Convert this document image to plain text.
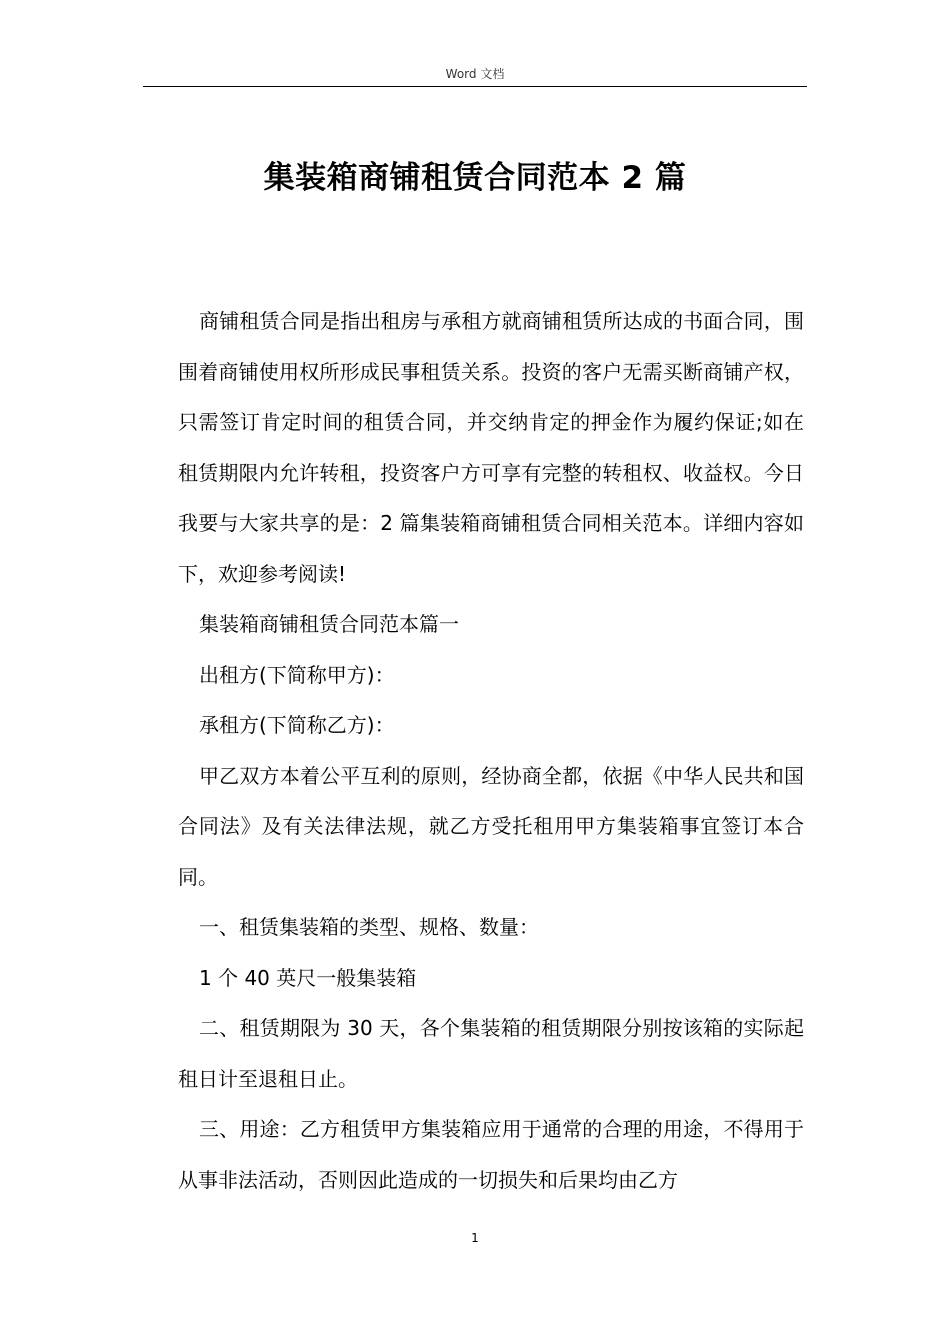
Word 文档
集装箱商铺租赁合同范本 2 篇

商铺租赁合同是指出租房与承租方就商铺租赁所达成的书面合同，围围着商铺使用权所形成民事租赁关系。投资的客户无需买断商铺产权，只需签订肯定时间的租赁合同，并交纳肯定的押金作为履约保证;如在租赁期限内允许转租，投资客户方可享有完整的转租权、收益权。今日我要与大家共享的是：2 篇集装箱商铺租赁合同相关范本。详细内容如下，欢迎参考阅读!

集装箱商铺租赁合同范本篇一

出租方(下简称甲方)：

承租方(下简称乙方)：

甲乙双方本着公平互利的原则，经协商全都，依据《中华人民共和国合同法》及有关法律法规，就乙方受托租用甲方集装箱事宜签订本合同。

一、租赁集装箱的类型、规格、数量：

1 个 40 英尺一般集装箱

二、租赁期限为 30 天，各个集装箱的租赁期限分别按该箱的实际起租日计至退租日止。

三、用途：乙方租赁甲方集装箱应用于通常的合理的用途，不得用于从事非法活动，否则因此造成的一切损失和后果均由乙方

1
